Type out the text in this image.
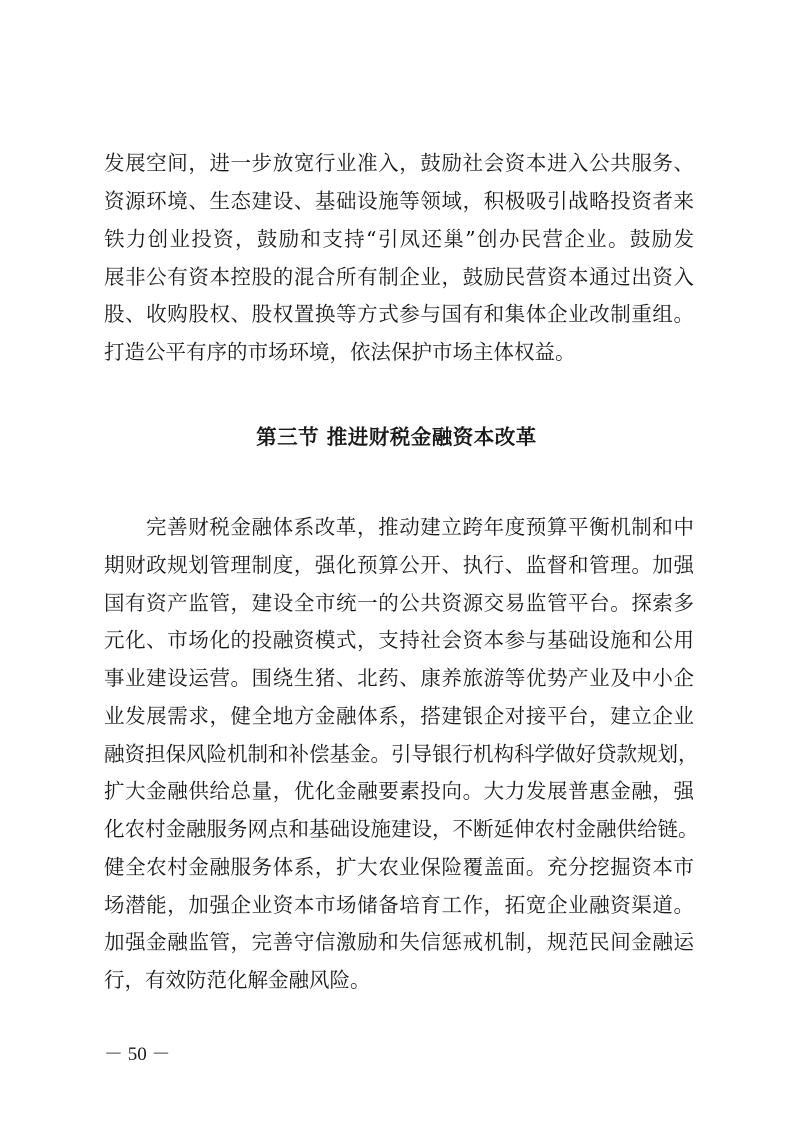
发展空间，进一步放宽行业准入，鼓励社会资本进入公共服务、
资源环境、生态建设、基础设施等领域，积极吸引战略投资者来
铁力创业投资，鼓励和支持“引凤还巢”创办民营企业。鼓励发
展非公有资本控股的混合所有制企业，鼓励民营资本通过出资入
股、收购股权、股权置换等方式参与国有和集体企业改制重组。
打造公平有序的市场环境，依法保护市场主体权益。
第三节 推进财税金融资本改革
完善财税金融体系改革，推动建立跨年度预算平衡机制和中
期财政规划管理制度，强化预算公开、执行、监督和管理。加强
国有资产监管，建设全市统一的公共资源交易监管平台。探索多
元化、市场化的投融资模式，支持社会资本参与基础设施和公用
事业建设运营。围绕生猪、北药、康养旅游等优势产业及中小企
业发展需求，健全地方金融体系，搭建银企对接平台，建立企业
融资担保风险机制和补偿基金。引导银行机构科学做好贷款规划，
扩大金融供给总量，优化金融要素投向。大力发展普惠金融，强
化农村金融服务网点和基础设施建设，不断延伸农村金融供给链。
健全农村金融服务体系，扩大农业保险覆盖面。充分挖掘资本市
场潜能，加强企业资本市场储备培育工作，拓宽企业融资渠道。
加强金融监管，完善守信激励和失信惩戒机制，规范民间金融运
行，有效防范化解金融风险。
－ 50 －
